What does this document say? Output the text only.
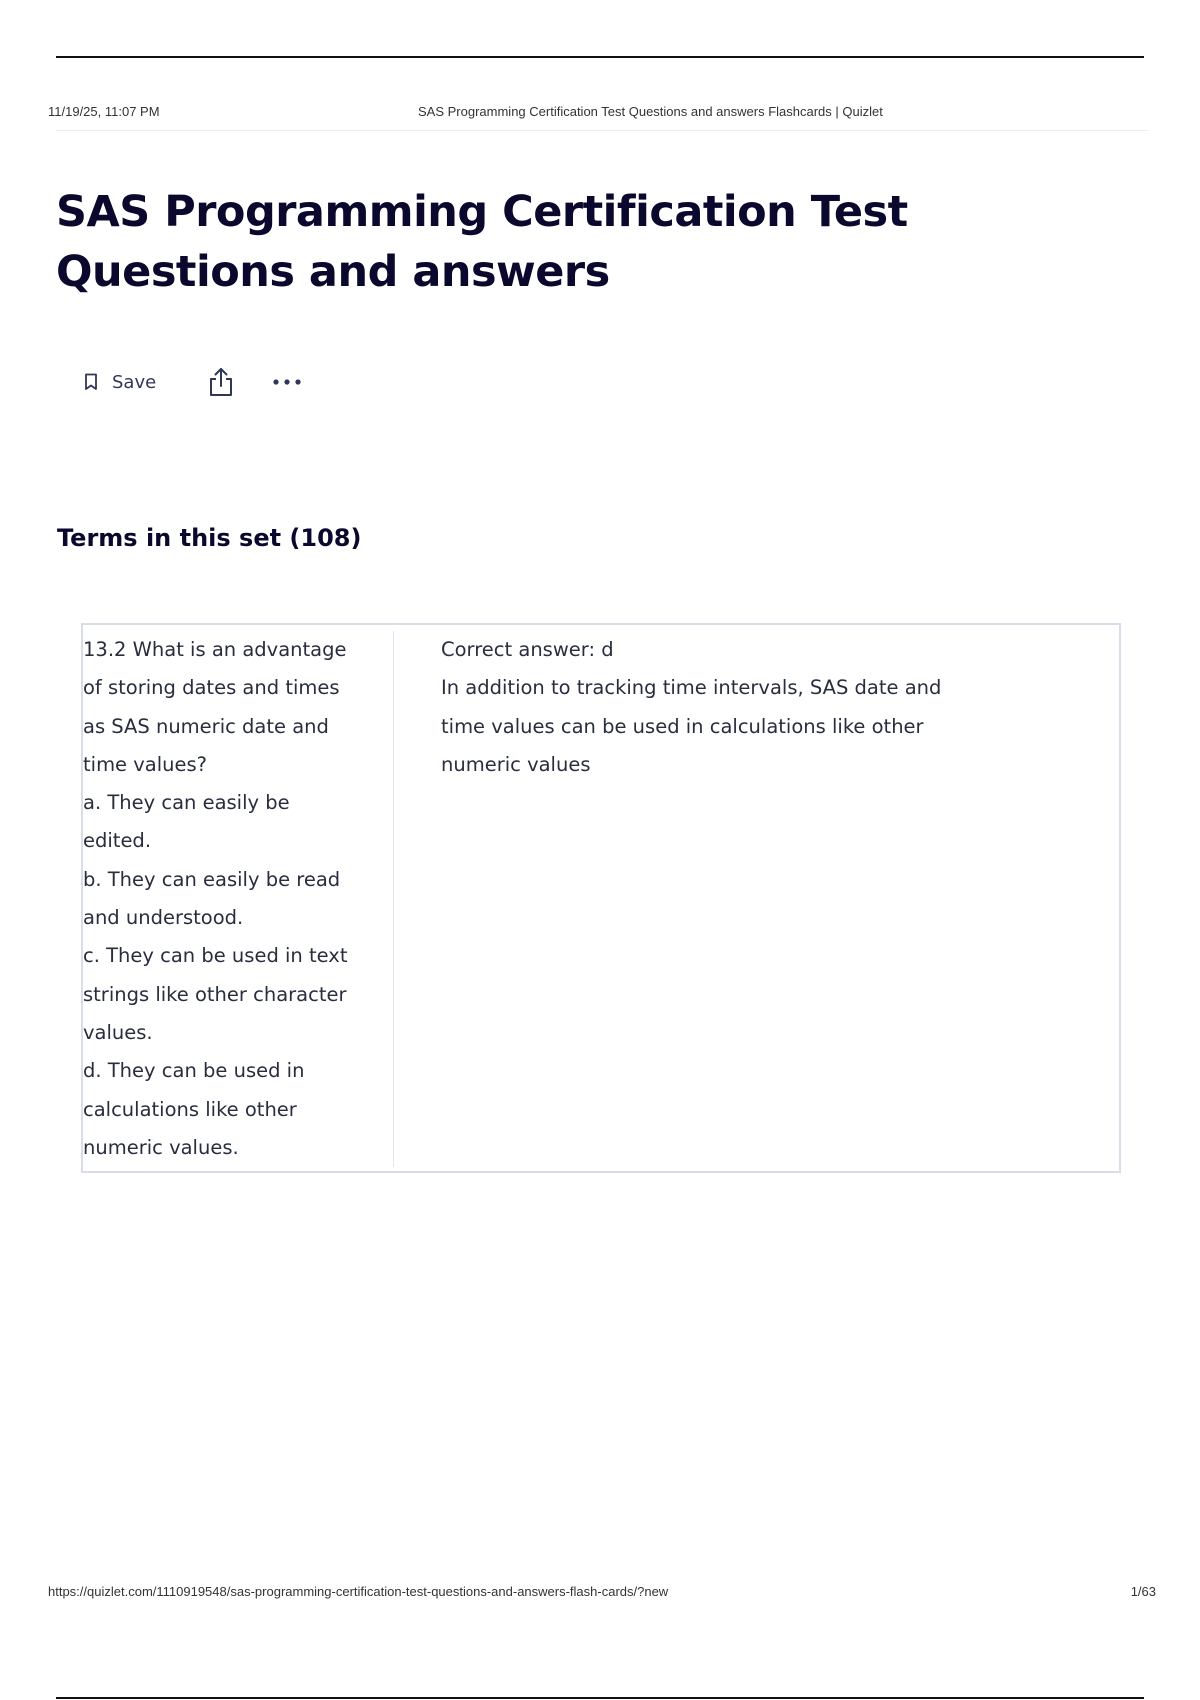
11/19/25, 11:07 PM	SAS Programming Certification Test Questions and answers Flashcards | Quizlet
SAS Programming Certification Test Questions and answers
Save
Terms in this set (108)
13.2 What is an advantage
of storing dates and times
as SAS numeric date and
time values?
a. They can easily be
edited.
b. They can easily be read
and understood.
c. They can be used in text
strings like other character
values.
d. They can be used in
calculations like other
numeric values.
Correct answer: d
In addition to tracking time intervals, SAS date and
time values can be used in calculations like other
numeric values
https://quizlet.com/1110919548/sas-programming-certification-test-questions-and-answers-flash-cards/?new	1/63
